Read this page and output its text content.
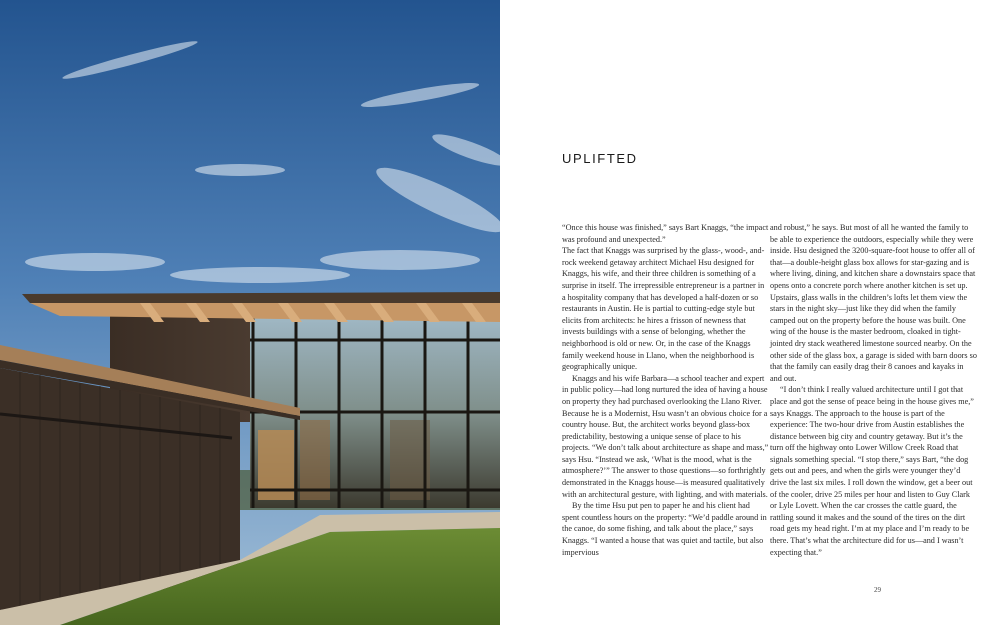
UPLIFTED

“Once this house was finished,” says Bart Knaggs, “the impact was profound and unexpected.”

The fact that Knaggs was surprised by the glass-, wood-, and-rock weekend getaway architect Michael Hsu designed for Knaggs, his wife, and their three children is something of a surprise in itself. The irrepressible entrepreneur is a partner in a hospitality company that has developed a half-dozen or so restaurants in Austin. He is partial to cutting-edge style but elicits from architects: he hires a frisson of newness that invests buildings with a sense of belonging, whether the neighborhood is old or new. Or, in the case of the Knaggs family weekend house in Llano, when the neighborhood is geographically unique.

Knaggs and his wife Barbara—a school teacher and expert in public policy—had long nurtured the idea of having a house on property they had purchased overlooking the Llano River. Because he is a Modernist, Hsu wasn’t an obvious choice for a country house. But, the architect works beyond glass-box predictability, bestowing a unique sense of place to his projects. “We don’t talk about architecture as shape and mass,” says Hsu. “Instead we ask, ‘What is the mood, what is the atmosphere?’” The answer to those questions—so forthrightly demonstrated in the Knaggs house—is measured qualitatively with an architectural gesture, with lighting, and with materials.

By the time Hsu put pen to paper he and his client had spent countless hours on the property: “We’d paddle around in the canoe, do some fishing, and talk about the place,” says Knaggs. “I wanted a house that was quiet and tactile, but also impervious

and robust,” he says. But most of all he wanted the family to be able to experience the outdoors, especially while they were inside. Hsu designed the 3200-square-foot house to offer all of that—a double-height glass box allows for star-gazing and is where living, dining, and kitchen share a downstairs space that opens onto a concrete porch where another kitchen is set up. Upstairs, glass walls in the children’s lofts let them view the stars in the night sky—just like they did when the family camped out on the property before the house was built. One wing of the house is the master bedroom, cloaked in tight-jointed dry stack weathered limestone sourced nearby. On the other side of the glass box, a garage is sided with barn doors so that the family can easily drag their 8 canoes and kayaks in and out.

“I don’t think I really valued architecture until I got that place and got the sense of peace being in the house gives me,” says Knaggs. The approach to the house is part of the experience: The two-hour drive from Austin establishes the distance between big city and country getaway. But it’s the turn off the highway onto Lower Willow Creek Road that signals something special. “I stop there,” says Bart, “the dog gets out and pees, and when the girls were younger they’d drive the last six miles. I roll down the window, get a beer out of the cooler, drive 25 miles per hour and listen to Guy Clark or Lyle Lovett. When the car crosses the cattle guard, the rattling sound it makes and the sound of the tires on the dirt road gets my head right. I’m at my place and I’m ready to be there. That’s what the architecture did for us—and I wasn’t expecting that.”

29
